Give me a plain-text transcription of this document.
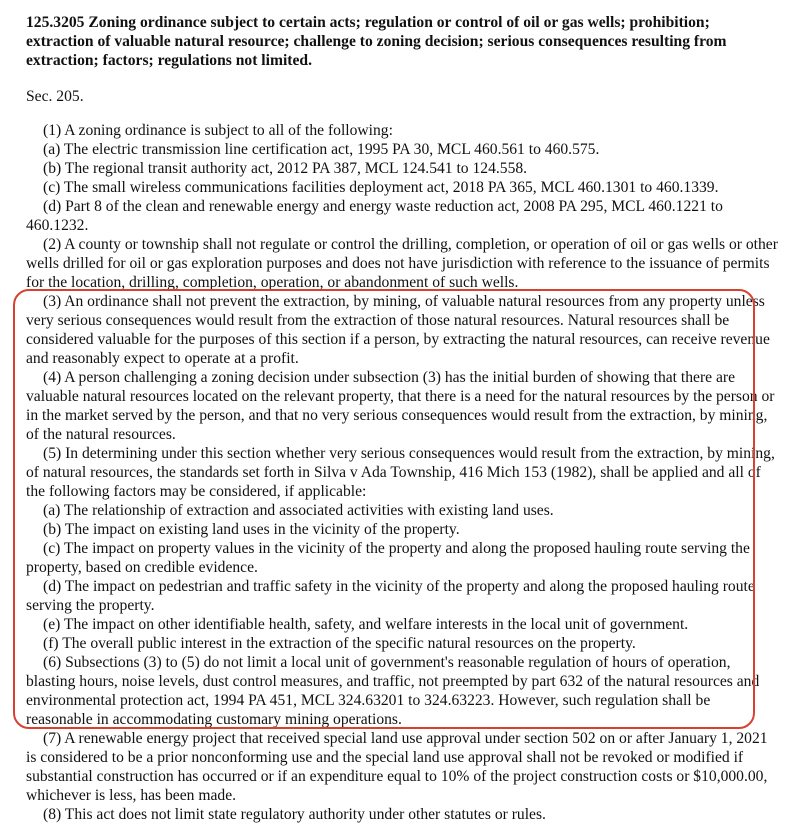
125.3205 Zoning ordinance subject to certain acts; regulation or control of oil or gas wells; prohibition; extraction of valuable natural resource; challenge to zoning decision; serious consequences resulting from extraction; factors; regulations not limited.

Sec. 205.

(1) A zoning ordinance is subject to all of the following:

(a) The electric transmission line certification act, 1995 PA 30, MCL 460.561 to 460.575.

(b) The regional transit authority act, 2012 PA 387, MCL 124.541 to 124.558.

(c) The small wireless communications facilities deployment act, 2018 PA 365, MCL 460.1301 to 460.1339.

(d) Part 8 of the clean and renewable energy and energy waste reduction act, 2008 PA 295, MCL 460.1221 to 460.1232.

(2) A county or township shall not regulate or control the drilling, completion, or operation of oil or gas wells or other wells drilled for oil or gas exploration purposes and does not have jurisdiction with reference to the issuance of permits for the location, drilling, completion, operation, or abandonment of such wells.

(3) An ordinance shall not prevent the extraction, by mining, of valuable natural resources from any property unless very serious consequences would result from the extraction of those natural resources. Natural resources shall be considered valuable for the purposes of this section if a person, by extracting the natural resources, can receive revenue and reasonably expect to operate at a profit.

(4) A person challenging a zoning decision under subsection (3) has the initial burden of showing that there are valuable natural resources located on the relevant property, that there is a need for the natural resources by the person or in the market served by the person, and that no very serious consequences would result from the extraction, by mining, of the natural resources.

(5) In determining under this section whether very serious consequences would result from the extraction, by mining, of natural resources, the standards set forth in Silva v Ada Township, 416 Mich 153 (1982), shall be applied and all of the following factors may be considered, if applicable:

(a) The relationship of extraction and associated activities with existing land uses.

(b) The impact on existing land uses in the vicinity of the property.

(c) The impact on property values in the vicinity of the property and along the proposed hauling route serving the property, based on credible evidence.

(d) The impact on pedestrian and traffic safety in the vicinity of the property and along the proposed hauling route serving the property.

(e) The impact on other identifiable health, safety, and welfare interests in the local unit of government.

(f) The overall public interest in the extraction of the specific natural resources on the property.

(6) Subsections (3) to (5) do not limit a local unit of government's reasonable regulation of hours of operation, blasting hours, noise levels, dust control measures, and traffic, not preempted by part 632 of the natural resources and environmental protection act, 1994 PA 451, MCL 324.63201 to 324.63223. However, such regulation shall be reasonable in accommodating customary mining operations.

(7) A renewable energy project that received special land use approval under section 502 on or after January 1, 2021 is considered to be a prior nonconforming use and the special land use approval shall not be revoked or modified if substantial construction has occurred or if an expenditure equal to 10% of the project construction costs or $10,000.00, whichever is less, has been made.

(8) This act does not limit state regulatory authority under other statutes or rules.
